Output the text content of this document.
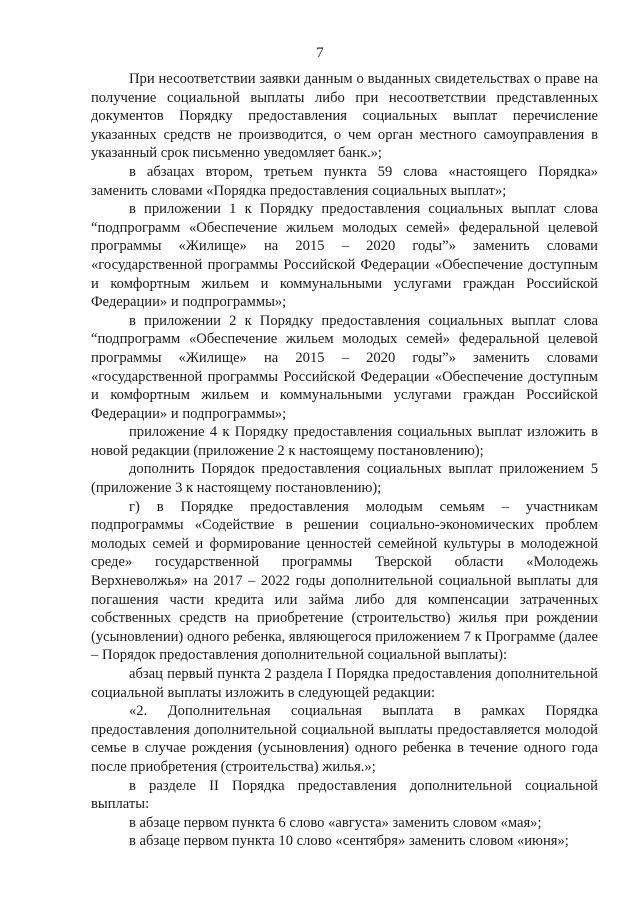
7

При несоответствии заявки данным о выданных свидетельствах о праве на получение социальной выплаты либо при несоответствии представленных документов Порядку предоставления социальных выплат перечисление указанных средств не производится, о чем орган местного самоуправления в указанный срок письменно уведомляет банк.»;

в абзацах втором, третьем пункта 59 слова «настоящего Порядка» заменить словами «Порядка предоставления социальных выплат»;

в приложении 1 к Порядку предоставления социальных выплат слова “подпрограмм «Обеспечение жильем молодых семей» федеральной целевой программы «Жилище» на 2015 – 2020 годы”» заменить словами «государственной программы Российской Федерации «Обеспечение доступным и комфортным жильем и коммунальными услугами граждан Российской Федерации» и подпрограммы»;

в приложении 2 к Порядку предоставления социальных выплат слова “подпрограмм «Обеспечение жильем молодых семей» федеральной целевой программы «Жилище» на 2015 – 2020 годы”» заменить словами «государственной программы Российской Федерации «Обеспечение доступным и комфортным жильем и коммунальными услугами граждан Российской Федерации» и подпрограммы»;

приложение 4 к Порядку предоставления социальных выплат изложить в новой редакции (приложение 2 к настоящему постановлению);

дополнить Порядок предоставления социальных выплат приложением 5 (приложение 3 к настоящему постановлению);

г) в Порядке предоставления молодым семьям – участникам подпрограммы «Содействие в решении социально-экономических проблем молодых семей и формирование ценностей семейной культуры в молодежной среде» государственной программы Тверской области «Молодежь Верхневолжья» на 2017 – 2022 годы дополнительной социальной выплаты для погашения части кредита или займа либо для компенсации затраченных собственных средств на приобретение (строительство) жилья при рождении (усыновлении) одного ребенка, являющегося приложением 7 к Программе (далее – Порядок предоставления дополнительной социальной выплаты):

абзац первый пункта 2 раздела I Порядка предоставления дополнительной социальной выплаты изложить в следующей редакции:

«2. Дополнительная социальная выплата в рамках Порядка предоставления дополнительной социальной выплаты предоставляется молодой семье в случае рождения (усыновления) одного ребенка в течение одного года после приобретения (строительства) жилья.»;

в разделе II Порядка предоставления дополнительной социальной выплаты:

в абзаце первом пункта 6 слово «августа» заменить словом «мая»;

в абзаце первом пункта 10 слово «сентября» заменить словом «июня»;
